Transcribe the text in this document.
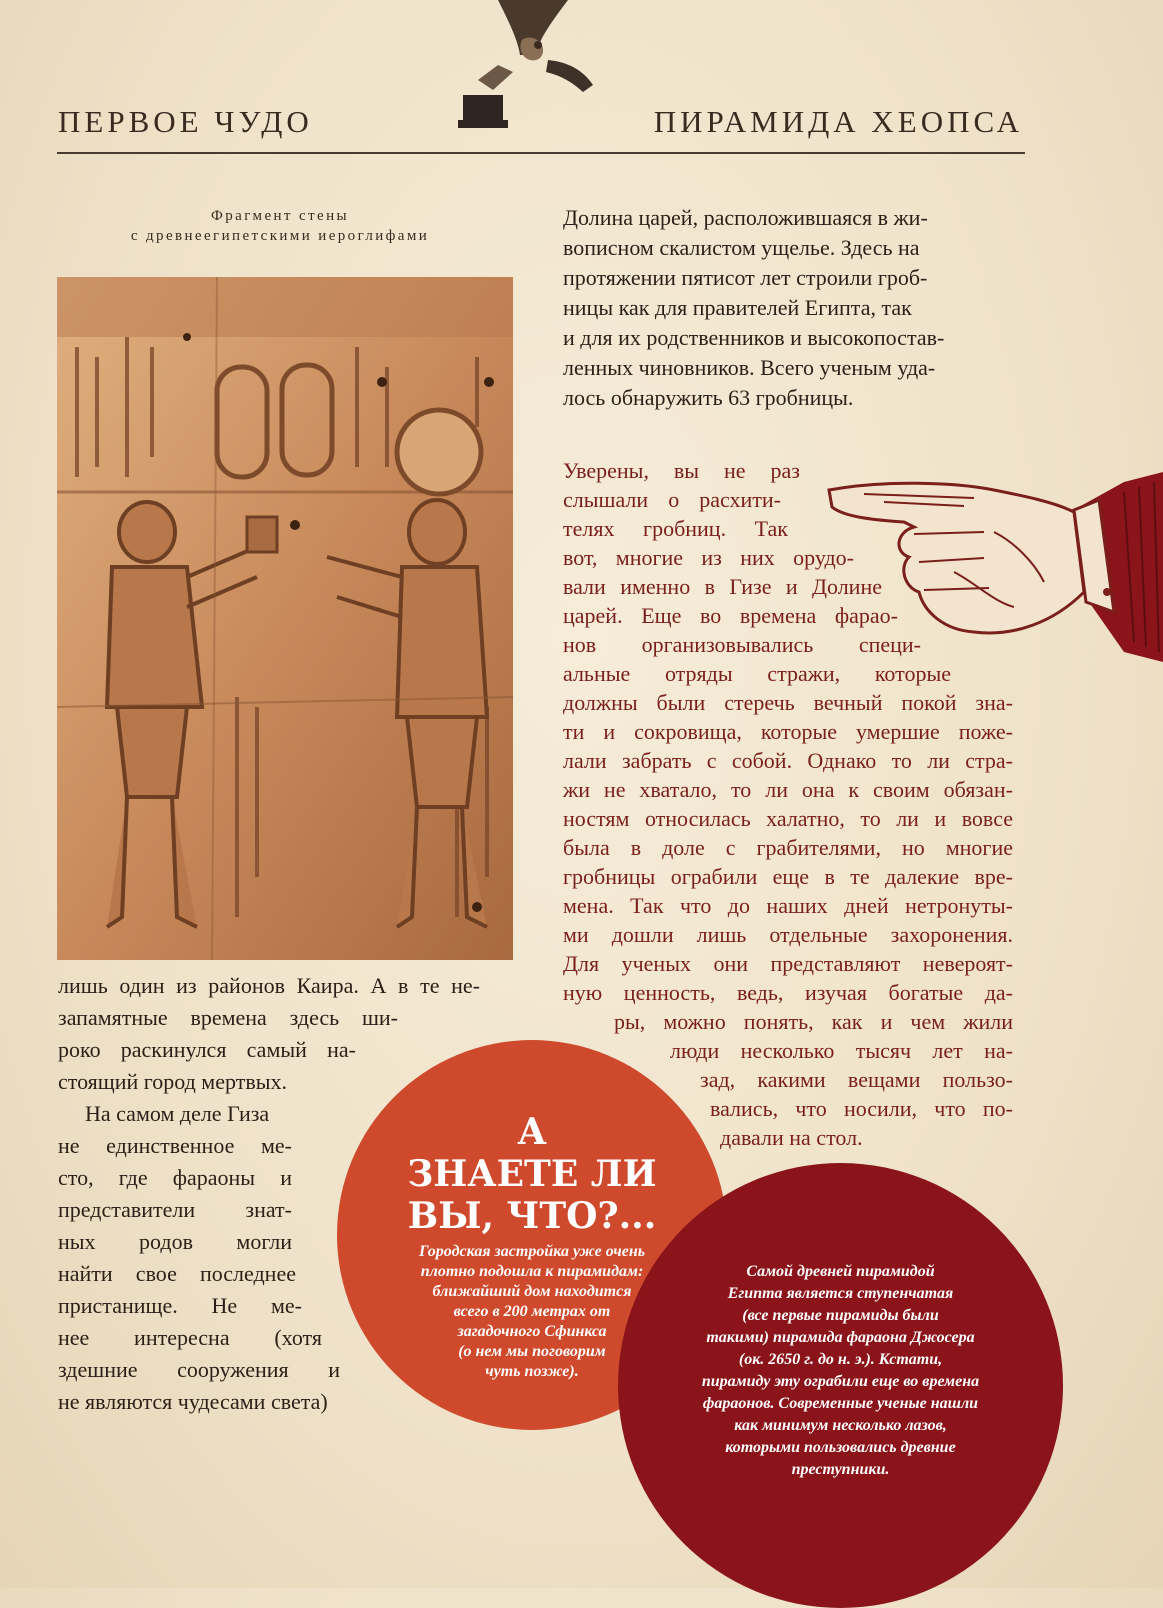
ПЕРВОЕ ЧУДО	ПИРАМИДА ХЕОПСА
Фрагмент стены
с древнеегипетскими иероглифами
Долина царей, расположившаяся в жи-
вописном скалистом ущелье. Здесь на
протяжении пятисот лет строили гроб-
ницы как для правителей Египта, так
и для их родственников и высокопостав-
ленных чиновников. Всего ученым уда-
лось обнаружить 63 гробницы.
Уверены, вы не раз
слышали о расхити-
телях гробниц. Так
вот, многие из них орудо-
вали именно в Гизе и Долине
царей. Еще во времена фарао-
нов организовывались специ-
альные отряды стражи, которые
должны были стеречь вечный покой зна-
ти и сокровища, которые умершие поже-
лали забрать с собой. Однако то ли стра-
жи не хватало, то ли она к своим обязан-
ностям относилась халатно, то ли и вовсе
была в доле с грабителями, но многие
гробницы ограбили еще в те далекие вре-
мена. Так что до наших дней нетронуты-
ми дошли лишь отдельные захоронения.
Для ученых они представляют невероят-
ную ценность, ведь, изучая богатые да-
ры, можно понять, как и чем жили
люди несколько тысяч лет на-
зад, какими вещами пользо-
вались, что носили, что по-
давали на стол.
лишь один из районов Каира. А в те не-
запамятные времена здесь ши-
роко раскинулся самый на-
стоящий город мертвых.
На самом деле Гиза
не единственное ме-
сто, где фараоны и
представители знат-
ных родов могли
найти свое последнее
пристанище. Не ме-
нее интересна (хотя
здешние сооружения и
не являются чудесами света)
А
ЗНАЕТЕ ЛИ
ВЫ, ЧТО?...
Городская застройка уже очень
плотно подошла к пирамидам:
ближайший дом находится
всего в 200 метрах от
загадочного Сфинкса
(о нем мы поговорим
чуть позже).
Самой древней пирамидой
Египта является ступенчатая
(все первые пирамиды были
такими) пирамида фараона Джосера
(ок. 2650 г. до н. э.). Кстати,
пирамиду эту ограбили еще во времена
фараонов. Современные ученые нашли
как минимум несколько лазов,
которыми пользовались древние
преступники.
